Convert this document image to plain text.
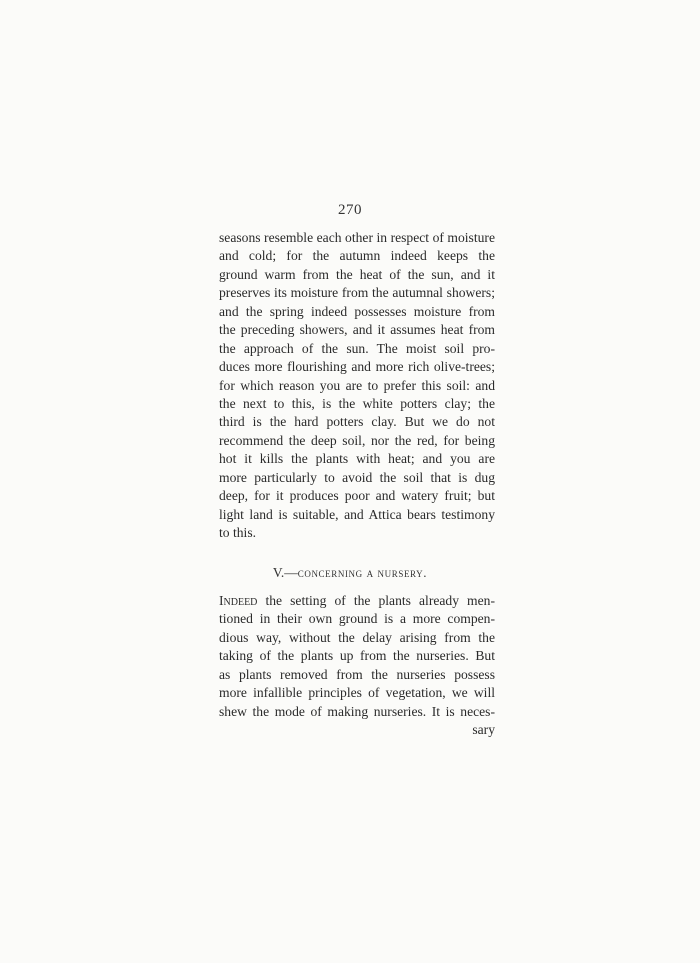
270
seasons resemble each other in respect of moisture
and cold; for the autumn indeed keeps the
ground warm from the heat of the sun, and it
preserves its moisture from the autumnal showers;
and the spring indeed possesses moisture from
the preceding showers, and it assumes heat from
the approach of the sun. The moist soil pro-
duces more flourishing and more rich olive-trees;
for which reason you are to prefer this soil: and
the next to this, is the white potters clay; the
third is the hard potters clay. But we do not
recommend the deep soil, nor the red, for being
hot it kills the plants with heat; and you are
more particularly to avoid the soil that is dug
deep, for it produces poor and watery fruit; but
light land is suitable, and Attica bears testimony
to this.
V.—concerning a nursery.
Indeed the setting of the plants already men-
tioned in their own ground is a more compen-
dious way, without the delay arising from the
taking of the plants up from the nurseries. But
as plants removed from the nurseries possess
more infallible principles of vegetation, we will
shew the mode of making nurseries. It is neces-
sary
